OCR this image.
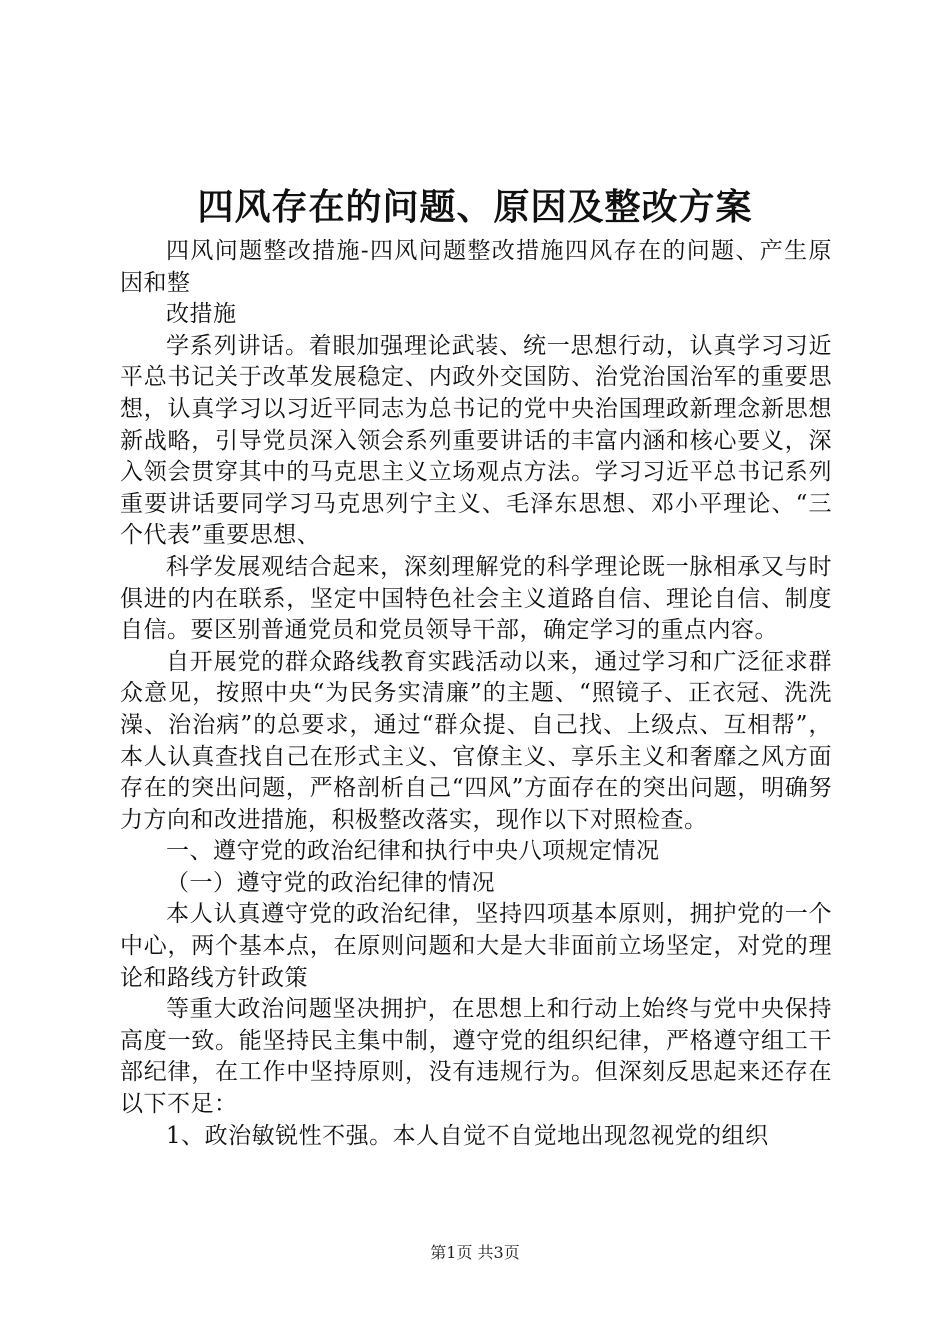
四风存在的问题、原因及整改方案

四风问题整改措施-四风问题整改措施四风存在的问题、产生原因和整

改措施

学系列讲话。着眼加强理论武装、统一思想行动，认真学习习近平总书记关于改革发展稳定、内政外交国防、治党治国治军的重要思想，认真学习以习近平同志为总书记的党中央治国理政新理念新思想新战略，引导党员深入领会系列重要讲话的丰富内涵和核心要义，深入领会贯穿其中的马克思主义立场观点方法。学习习近平总书记系列重要讲话要同学习马克思列宁主义、毛泽东思想、邓小平理论、“三个代表”重要思想、

科学发展观结合起来，深刻理解党的科学理论既一脉相承又与时俱进的内在联系，坚定中国特色社会主义道路自信、理论自信、制度自信。要区别普通党员和党员领导干部，确定学习的重点内容。

自开展党的群众路线教育实践活动以来，通过学习和广泛征求群众意见，按照中央“为民务实清廉”的主题、“照镜子、正衣冠、洗洗澡、治治病”的总要求，通过“群众提、自己找、上级点、互相帮”，本人认真查找自己在形式主义、官僚主义、享乐主义和奢靡之风方面存在的突出问题，严格剖析自己“四风”方面存在的突出问题，明确努力方向和改进措施，积极整改落实，现作以下对照检查。

一、遵守党的政治纪律和执行中央八项规定情况

（一）遵守党的政治纪律的情况

本人认真遵守党的政治纪律，坚持四项基本原则，拥护党的一个中心，两个基本点，在原则问题和大是大非面前立场坚定，对党的理论和路线方针政策

等重大政治问题坚决拥护，在思想上和行动上始终与党中央保持高度一致。能坚持民主集中制，遵守党的组织纪律，严格遵守组工干部纪律，在工作中坚持原则，没有违规行为。但深刻反思起来还存在以下不足：

1、政治敏锐性不强。本人自觉不自觉地出现忽视党的组织

第1页 共3页
